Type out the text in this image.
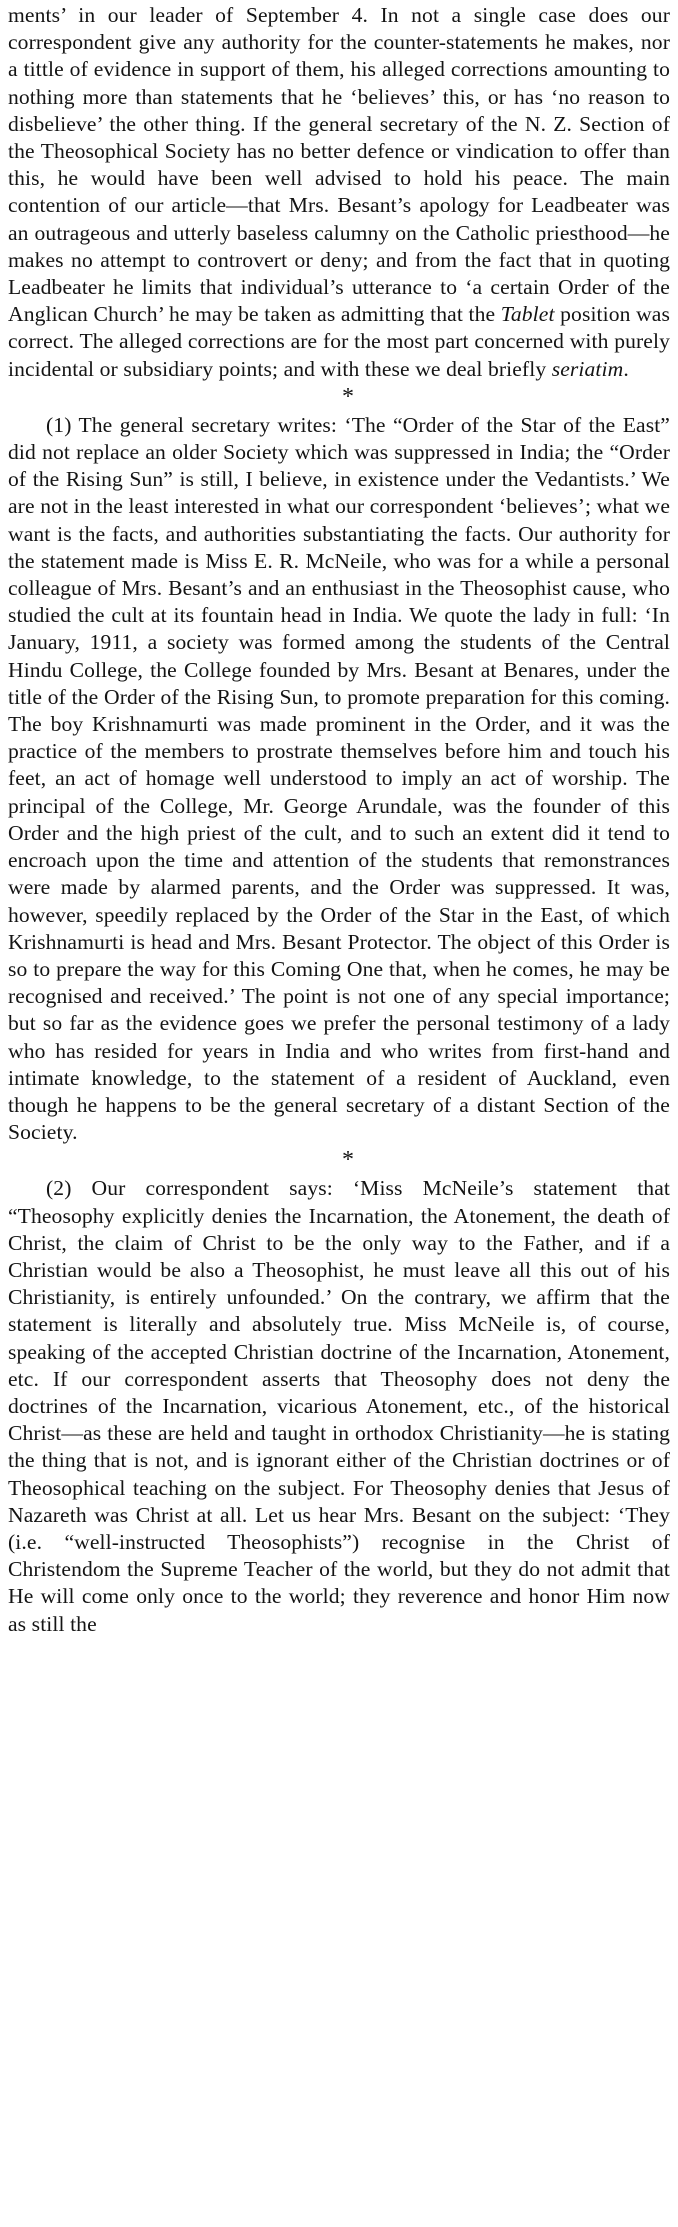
ments’ in our leader of September 4. In not a single case does our correspondent give any authority for the counter-statements he makes, nor a tittle of evidence in support of them, his alleged corrections amounting to nothing more than statements that he ‘believes’ this, or has ‘no reason to disbelieve’ the other thing. If the general secretary of the N. Z. Section of the Theosophical Society has no better defence or vindication to offer than this, he would have been well advised to hold his peace. The main contention of our article—that Mrs. Besant’s apology for Leadbeater was an outrageous and utterly baseless calumny on the Catholic priesthood—he makes no attempt to controvert or deny; and from the fact that in quoting Leadbeater he limits that individual’s utterance to ‘a certain Order of the Anglican Church’ he may be taken as admitting that the Tablet position was correct. The alleged corrections are for the most part concerned with purely incidental or subsidiary points; and with these we deal briefly seriatim.

*

(1) The general secretary writes: ‘The “Order of the Star of the East” did not replace an older Society which was suppressed in India; the “Order of the Rising Sun” is still, I believe, in existence under the Vedantists.’ We are not in the least interested in what our correspondent ‘believes’; what we want is the facts, and authorities substantiating the facts. Our authority for the statement made is Miss E. R. McNeile, who was for a while a personal colleague of Mrs. Besant’s and an enthusiast in the Theosophist cause, who studied the cult at its fountain head in India. We quote the lady in full: ‘In January, 1911, a society was formed among the students of the Central Hindu College, the College founded by Mrs. Besant at Benares, under the title of the Order of the Rising Sun, to promote preparation for this coming. The boy Krishnamurti was made prominent in the Order, and it was the practice of the members to prostrate themselves before him and touch his feet, an act of homage well understood to imply an act of worship. The principal of the College, Mr. George Arundale, was the founder of this Order and the high priest of the cult, and to such an extent did it tend to encroach upon the time and attention of the students that remonstrances were made by alarmed parents, and the Order was suppressed. It was, however, speedily replaced by the Order of the Star in the East, of which Krishnamurti is head and Mrs. Besant Protector. The object of this Order is so to prepare the way for this Coming One that, when he comes, he may be recognised and received.’ The point is not one of any special importance; but so far as the evidence goes we prefer the personal testimony of a lady who has resided for years in India and who writes from first-hand and intimate knowledge, to the statement of a resident of Auckland, even though he happens to be the general secretary of a distant Section of the Society.

*

(2) Our correspondent says: ‘Miss McNeile’s statement that “Theosophy explicitly denies the Incarnation, the Atonement, the death of Christ, the claim of Christ to be the only way to the Father, and if a Christian would be also a Theosophist, he must leave all this out of his Christianity, is entirely unfounded.’ On the contrary, we affirm that the statement is literally and absolutely true. Miss McNeile is, of course, speaking of the accepted Christian doctrine of the Incarnation, Atonement, etc. If our correspondent asserts that Theosophy does not deny the doctrines of the Incarnation, vicarious Atonement, etc., of the historical Christ—as these are held and taught in orthodox Christianity—he is stating the thing that is not, and is ignorant either of the Christian doctrines or of Theosophical teaching on the subject. For Theosophy denies that Jesus of Nazareth was Christ at all. Let us hear Mrs. Besant on the subject: ‘They (i.e. “well-instructed Theosophists”) recognise in the Christ of Christendom the Supreme Teacher of the world, but they do not admit that He will come only once to the world; they reverence and honor Him now as still the
